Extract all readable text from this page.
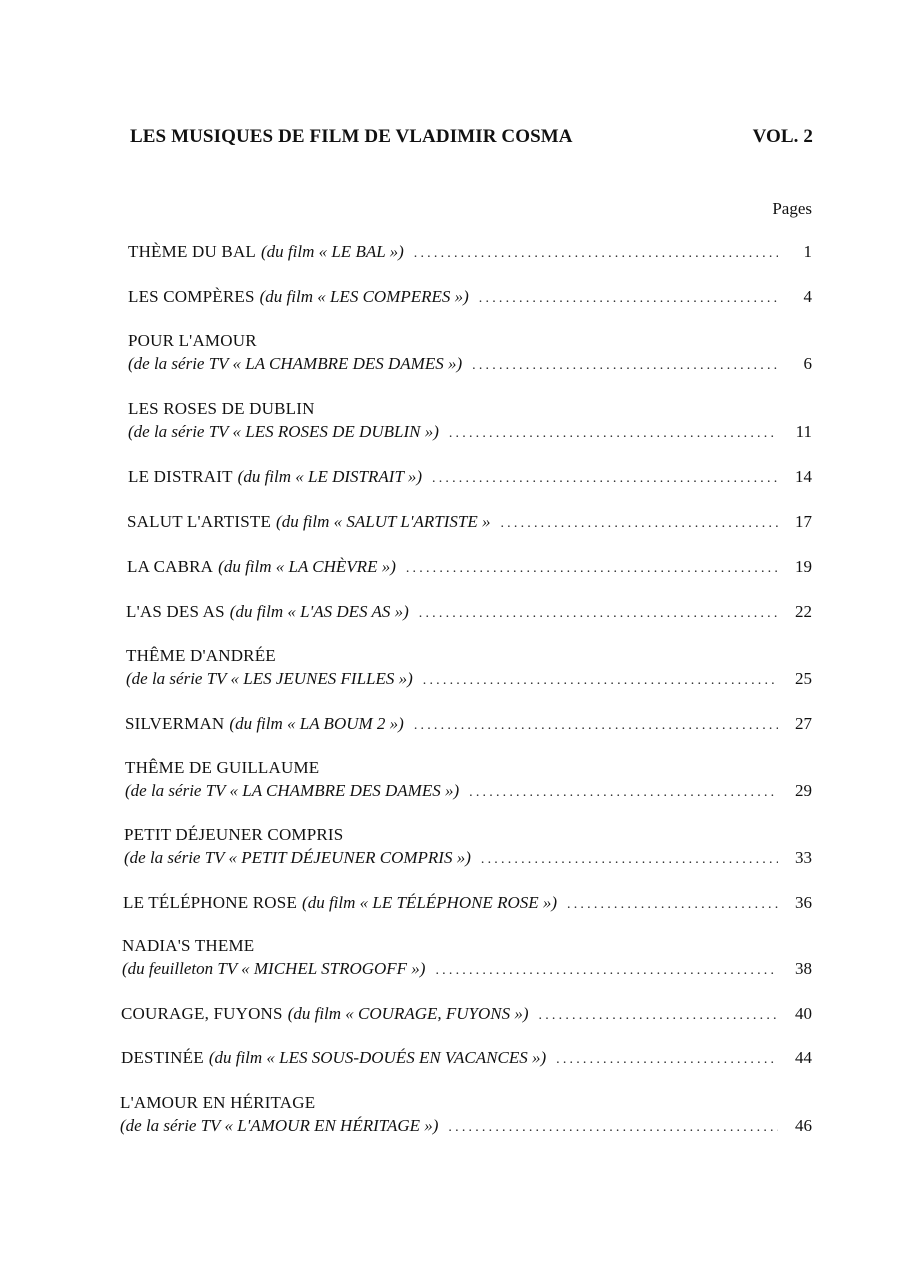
LES MUSIQUES DE FILM DE VLADIMIR COSMA	VOL. 2
Pages
THÈME DU BAL (du film « LE BAL ») .....	1
LES COMPÈRES (du film « LES COMPERES ») .....	4
POUR L'AMOUR
(de la série TV « LA CHAMBRE DES DAMES ») .....	6
LES ROSES DE DUBLIN
(de la série TV « LES ROSES DE DUBLIN ») .....	11
LE DISTRAIT (du film « LE DISTRAIT ») .....	14
SALUT L'ARTISTE (du film « SALUT L'ARTISTE » .....	17
LA CABRA (du film « LA CHÈVRE ») .....	19
L'AS DES AS (du film « L'AS DES AS ») .....	22
THÊME D'ANDRÉE
(de la série TV « LES JEUNES FILLES ») .....	25
SILVERMAN (du film « LA BOUM 2 ») .....	27
THÊME DE GUILLAUME
(de la série TV « LA CHAMBRE DES DAMES ») .....	29
PETIT DÉJEUNER COMPRIS
(de la série TV « PETIT DÉJEUNER COMPRIS ») .....	33
LE TÉLÉPHONE ROSE (du film « LE TÉLÉPHONE ROSE ») .....	36
NADIA'S THEME
(du feuilleton TV « MICHEL STROGOFF ») .....	38
COURAGE, FUYONS (du film « COURAGE, FUYONS ») .....	40
DESTINÉE (du film « LES SOUS-DOUÉS EN VACANCES ») .....	44
L'AMOUR EN HÉRITAGE
(de la série TV « L'AMOUR EN HÉRITAGE ») .....	46
